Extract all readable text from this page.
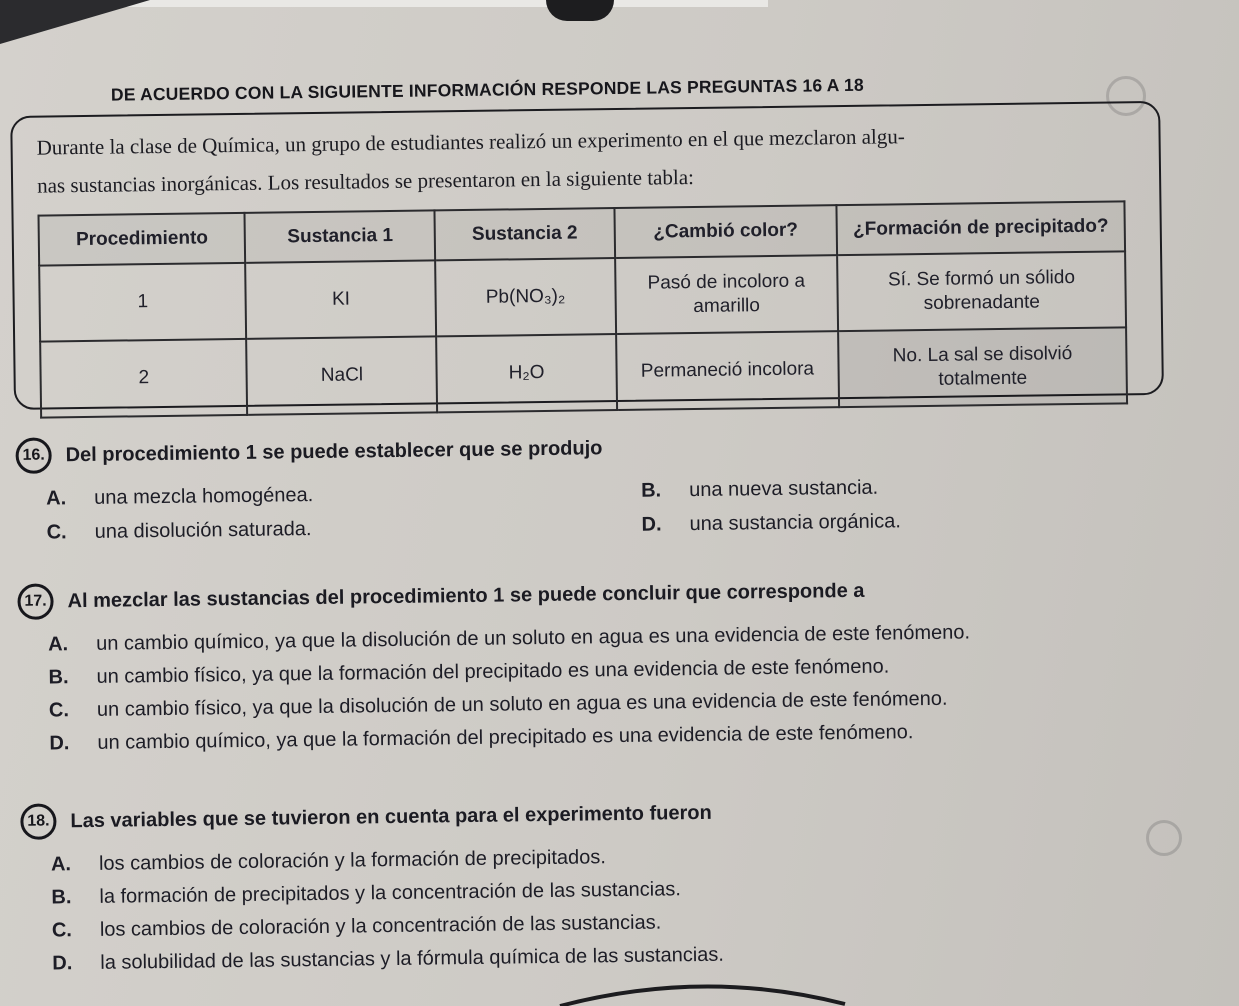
DE ACUERDO CON LA SIGUIENTE INFORMACIÓN RESPONDE LAS PREGUNTAS 16 A 18
Durante la clase de Química, un grupo de estudiantes realizó un experimento en el que mezclaron algu-
nas sustancias inorgánicas. Los resultados se presentaron en la siguiente tabla:
Procedimiento	Sustancia 1	Sustancia 2	¿Cambió color?	¿Formación de precipitado?
1	KI	Pb(NO₃)₂	Pasó de incoloro a amarillo	Sí. Se formó un sólido sobrenadante
2	NaCl	H₂O	Permaneció incolora	No. La sal se disolvió totalmente
16.	Del procedimiento 1 se puede establecer que se produjo
A.	una mezcla homogénea.	B.	una nueva sustancia.
C.	una disolución saturada.	D.	una sustancia orgánica.
17.	Al mezclar las sustancias del procedimiento 1 se puede concluir que corresponde a
A.	un cambio químico, ya que la disolución de un soluto en agua es una evidencia de este fenómeno.
B.	un cambio físico, ya que la formación del precipitado es una evidencia de este fenómeno.
C.	un cambio físico, ya que la disolución de un soluto en agua es una evidencia de este fenómeno.
D.	un cambio químico, ya que la formación del precipitado es una evidencia de este fenómeno.
18.	Las variables que se tuvieron en cuenta para el experimento fueron
A.	los cambios de coloración y la formación de precipitados.
B.	la formación de precipitados y la concentración de las sustancias.
C.	los cambios de coloración y la concentración de las sustancias.
D.	la solubilidad de las sustancias y la fórmula química de las sustancias.
